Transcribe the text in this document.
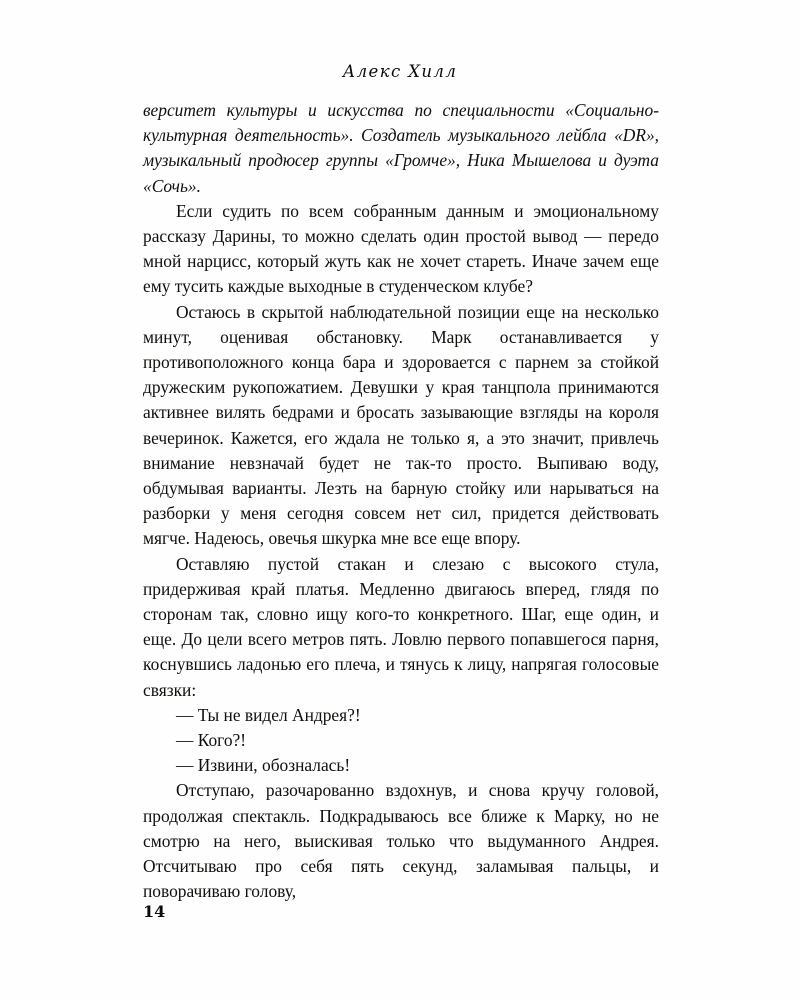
Алекс Хилл

верситет культуры и искусства по специальности «Социально-культурная деятельность». Создатель музыкального лейбла «DR», музыкальный продюсер группы «Громче», Ника Мышелова и дуэта «Сочь».

Если судить по всем собранным данным и эмоциональному рассказу Дарины, то можно сделать один простой вывод — передо мной нарцисс, который жуть как не хочет стареть. Иначе зачем еще ему тусить каждые выходные в студенческом клубе?

Остаюсь в скрытой наблюдательной позиции еще на несколько минут, оценивая обстановку. Марк останавливается у противоположного конца бара и здоровается с парнем за стойкой дружеским рукопожатием. Девушки у края танцпола принимаются активнее вилять бедрами и бросать зазывающие взгляды на короля вечеринок. Кажется, его ждала не только я, а это значит, привлечь внимание невзначай будет не так-то просто. Выпиваю воду, обдумывая варианты. Лезть на барную стойку или нарываться на разборки у меня сегодня совсем нет сил, придется действовать мягче. Надеюсь, овечья шкурка мне все еще впору.

Оставляю пустой стакан и слезаю с высокого стула, придерживая край платья. Медленно двигаюсь вперед, глядя по сторонам так, словно ищу кого-то конкретного. Шаг, еще один, и еще. До цели всего метров пять. Ловлю первого попавшегося парня, коснувшись ладонью его плеча, и тянусь к лицу, напрягая голосовые связки:

— Ты не видел Андрея?!

— Кого?!

— Извини, обозналась!

Отступаю, разочарованно вздохнув, и снова кручу головой, продолжая спектакль. Подкрадываюсь все ближе к Марку, но не смотрю на него, выискивая только что выдуманного Андрея. Отсчитываю про себя пять секунд, заламывая пальцы, и поворачиваю голову,

14
